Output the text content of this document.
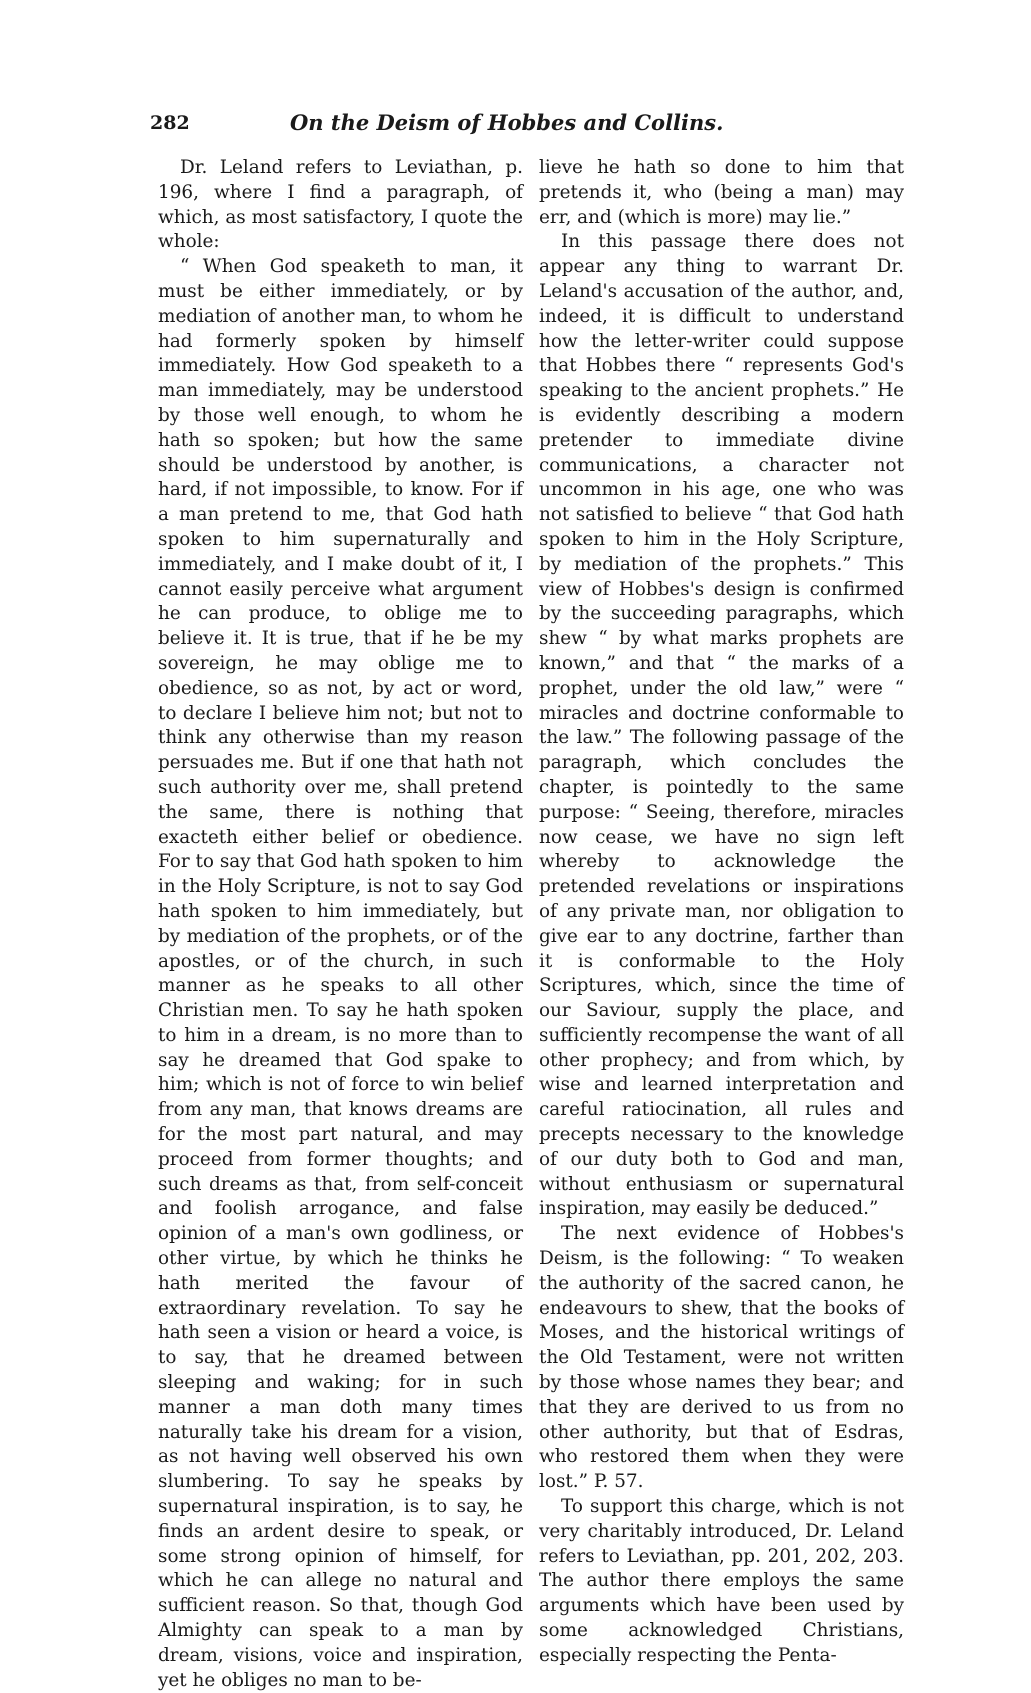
282	On the Deism of Hobbes and Collins.

Dr. Leland refers to Leviathan, p. 196, where I find a paragraph, of which, as most satisfactory, I quote the whole:

“ When God speaketh to man, it must be either immediately, or by mediation of another man, to whom he had formerly spoken by himself immediately. How God speaketh to a man immediately, may be understood by those well enough, to whom he hath so spoken; but how the same should be understood by another, is hard, if not impossible, to know. For if a man pretend to me, that God hath spoken to him supernaturally and immediately, and I make doubt of it, I cannot easily perceive what argument he can produce, to oblige me to believe it. It is true, that if he be my sovereign, he may oblige me to obedience, so as not, by act or word, to declare I believe him not; but not to think any otherwise than my reason persuades me. But if one that hath not such authority over me, shall pretend the same, there is nothing that exacteth either belief or obedience. For to say that God hath spoken to him in the Holy Scripture, is not to say God hath spoken to him immediately, but by mediation of the prophets, or of the apostles, or of the church, in such manner as he speaks to all other Christian men. To say he hath spoken to him in a dream, is no more than to say he dreamed that God spake to him; which is not of force to win belief from any man, that knows dreams are for the most part natural, and may proceed from former thoughts; and such dreams as that, from self-conceit and foolish arrogance, and false opinion of a man's own godliness, or other virtue, by which he thinks he hath merited the favour of extraordinary revelation. To say he hath seen a vision or heard a voice, is to say, that he dreamed between sleeping and waking; for in such manner a man doth many times naturally take his dream for a vision, as not having well observed his own slumbering. To say he speaks by supernatural inspiration, is to say, he finds an ardent desire to speak, or some strong opinion of himself, for which he can allege no natural and sufficient reason. So that, though God Almighty can speak to a man by dream, visions, voice and inspiration, yet he obliges no man to be-

lieve he hath so done to him that pretends it, who (being a man) may err, and (which is more) may lie.”

In this passage there does not appear any thing to warrant Dr. Leland's accusation of the author, and, indeed, it is difficult to understand how the letter-writer could suppose that Hobbes there “ represents God's speaking to the ancient prophets.” He is evidently describing a modern pretender to immediate divine communications, a character not uncommon in his age, one who was not satisfied to believe “ that God hath spoken to him in the Holy Scripture, by mediation of the prophets.” This view of Hobbes's design is confirmed by the succeeding paragraphs, which shew “ by what marks prophets are known,” and that “ the marks of a prophet, under the old law,” were “ miracles and doctrine conformable to the law.” The following passage of the paragraph, which concludes the chapter, is pointedly to the same purpose: “ Seeing, therefore, miracles now cease, we have no sign left whereby to acknowledge the pretended revelations or inspirations of any private man, nor obligation to give ear to any doctrine, farther than it is conformable to the Holy Scriptures, which, since the time of our Saviour, supply the place, and sufficiently recompense the want of all other prophecy; and from which, by wise and learned interpretation and careful ratiocination, all rules and precepts necessary to the knowledge of our duty both to God and man, without enthusiasm or supernatural inspiration, may easily be deduced.”

The next evidence of Hobbes's Deism, is the following: “ To weaken the authority of the sacred canon, he endeavours to shew, that the books of Moses, and the historical writings of the Old Testament, were not written by those whose names they bear; and that they are derived to us from no other authority, but that of Esdras, who restored them when they were lost.” P. 57.

To support this charge, which is not very charitably introduced, Dr. Leland refers to Leviathan, pp. 201, 202, 203. The author there employs the same arguments which have been used by some acknowledged Christians, especially respecting the Penta-
